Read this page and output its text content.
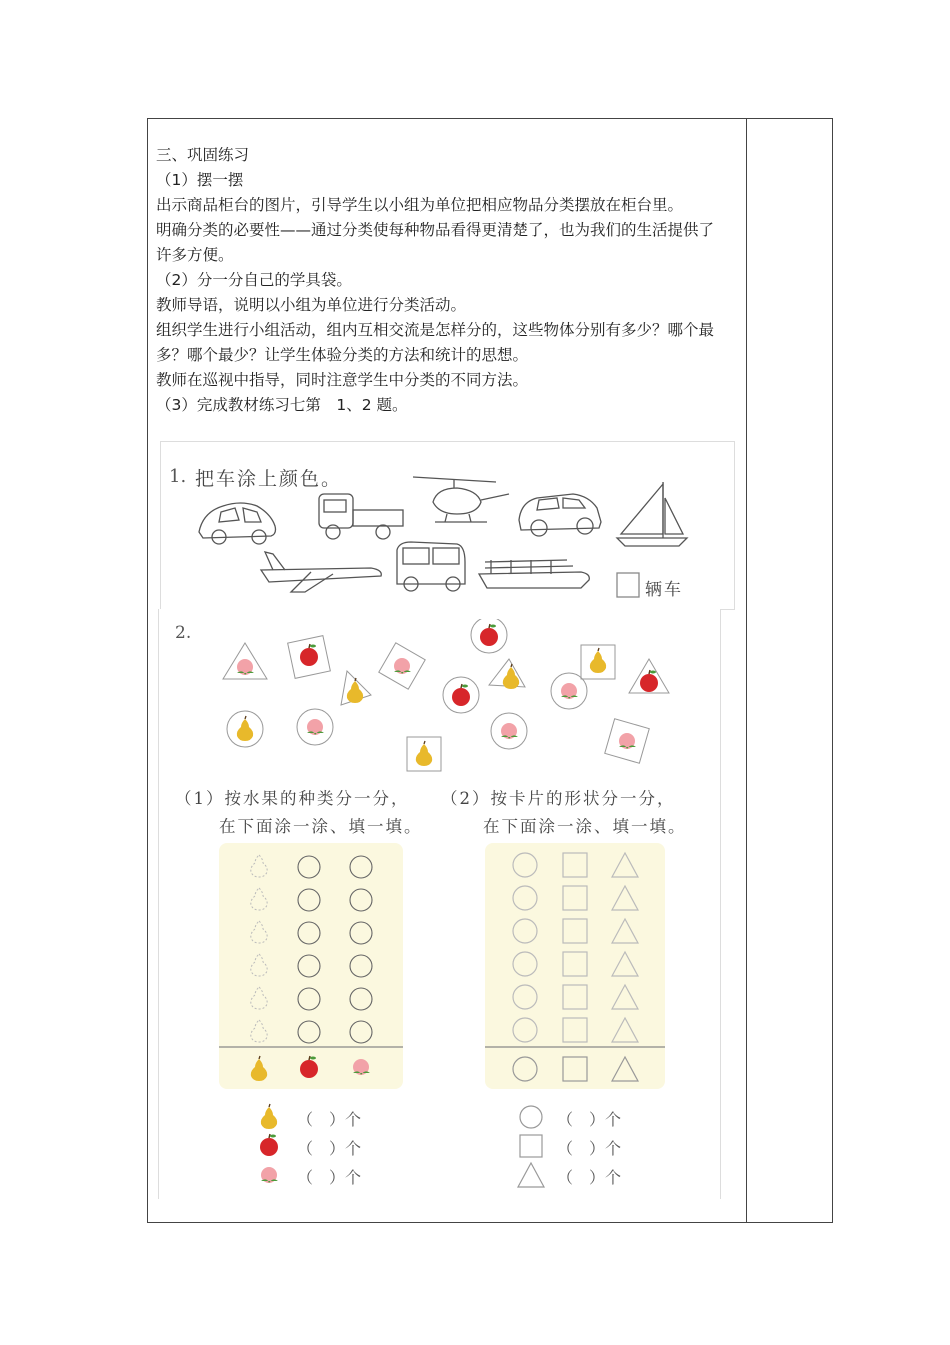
三、巩固练习

（1）摆一摆

出示商品柜台的图片，引导学生以小组为单位把相应物品分类摆放在柜台里。

明确分类的必要性——通过分类使每种物品看得更清楚了，也为我们的生活提供了许多方便。

（2）分一分自己的学具袋。

教师导语，说明以小组为单位进行分类活动。

组织学生进行小组活动，组内互相交流是怎样分的，这些物体分别有多少？哪个最多？哪个最少？让学生体验分类的方法和统计的思想。

教师在巡视中指导，同时注意学生中分类的不同方法。

（3）完成教材练习七第　1、2 题。

1. 把车涂上颜色。
辆车
2.
（1）按水果的种类分一分，
在下面涂一涂、填一填。
（2）按卡片的形状分一分，
在下面涂一涂、填一填。
（　）个
（　）个
（　）个
（　）个
（　）个
（　）个
